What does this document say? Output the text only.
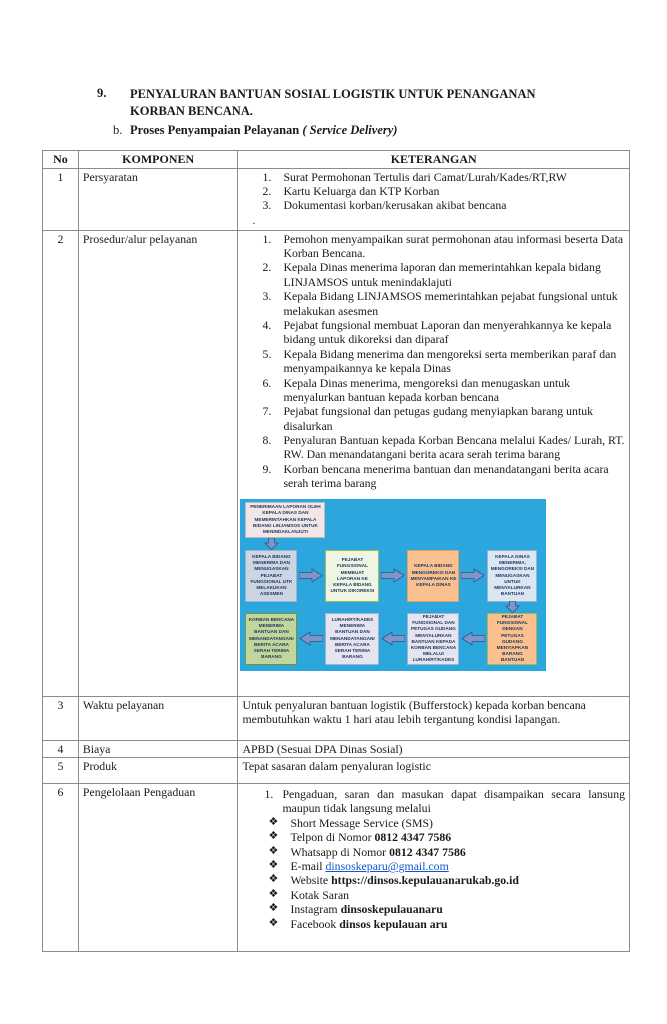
9.	PENYALURAN BANTUAN SOSIAL LOGISTIK UNTUK PENANGANAN
KORBAN BENCANA.
b. Proses Penyampaian Pelayanan ( Service Delivery)
No	KOMPONEN	KETERANGAN
1	Persyaratan	1.	Surat Permohonan Tertulis dari Camat/Lurah/Kades/RT,RW
2.	Kartu Keluarga dan KTP Korban
3.	Dokumentasi korban/kerusakan akibat bencana
.

2	Prosedur/alur pelayanan	1.	Pemohon menyampaikan surat permohonan atau informasi beserta Data Korban Bencana.
2.	Kepala Dinas menerima laporan dan memerintahkan kepala bidang LINJAMSOS untuk menindaklajuti
3.	Kepala Bidang LINJAMSOS memerintahkan pejabat fungsional untuk melakukan asesmen
4.	Pejabat fungsional membuat Laporan dan menyerahkannya ke kepala bidang untuk dikoreksi dan diparaf
5.	Kepala Bidang menerima dan mengoreksi serta memberikan paraf dan menyampaikannya ke kepala Dinas
6.	Kepala Dinas menerima, mengoreksi dan menugaskan untuk menyalurkan bantuan kepada korban bencana
7.	Pejabat fungsional dan petugas gudang menyiapkan barang untuk disalurkan
8.	Penyaluran Bantuan kepada Korban Bencana melalui Kades/ Lurah, RT. RW. Dan menandatangani berita acara serah terima barang
9.	Korban bencana menerima bantuan dan menandatangani berita acara serah terima barang
PENERIMAAN LAPORAN OLEH KEPALA DINAS DAN MEMERINTAHKAN KEPALA BIDANG LINJAMSOS UNTUK MENINDAKLANJUTI
KEPALA BIDANG MENERIMA DAN MENUGASKAN PEJABAT FUNGSIONAL UTK MELAKUKAN ASESMEN
PEJABAT FUNGSIONAL MEMBUAT LAPORAN KE KEPALA BIDANG UNTUK DIKOREKSI
KEPALA BIDANG MENGOREKSI DAN MENYAMPAIKAN KE KEPALA DINAS
KEPALA DINAS MENERIMA, MENGOREKSI DAN MENUGASKAN UNTUK MENYALURKAN BANTUAN
KORBAN BENCANA MENERIMA BANTUAN DAN MENANDATANGANI BERITA ACARA SERAH TERIMA BARANG
LURAH/RT/KADES MENERIMA BANTUAN DAN MENANDATANGANI BERITA ACARA SERAH TERIMA BARANG
PEJABAT FUNGSIONAL DAN PETUGAS GUDANG MENYALURKAN BANTUAN KEPADA KORBAN BENCANA MELALUI LURAH/RT/KADES
PEJABAT FUNGSIONAL DENGAN PETUGAS GUDANG MENYIAPKAN BARANG BANTUAN

3	Waktu pelayanan	Untuk penyaluran bantuan logistik (Bufferstock) kepada korban bencana membutuhkan waktu 1 hari atau lebih tergantung kondisi lapangan.
4	Biaya	APBD (Sesuai DPA Dinas Sosial)
5	Produk	Tepat sasaran dalam penyaluran logistic
6	Pengelolaan Pengaduan	1. Pengaduan, saran dan masukan dapat disampaikan secara lansung maupun tidak langsung melalui
❖	Short Message Service (SMS)
❖	Telpon di Nomor 0812 4347 7586
❖	Whatsapp di Nomor 0812 4347 7586
❖	E-mail dinsoskeparu@gmail.com
❖	Website https://dinsos.kepulauanarukab.go.id
❖	Kotak Saran
❖	Instagram dinsoskepulauanaru
❖	Facebook dinsos kepulauan aru
